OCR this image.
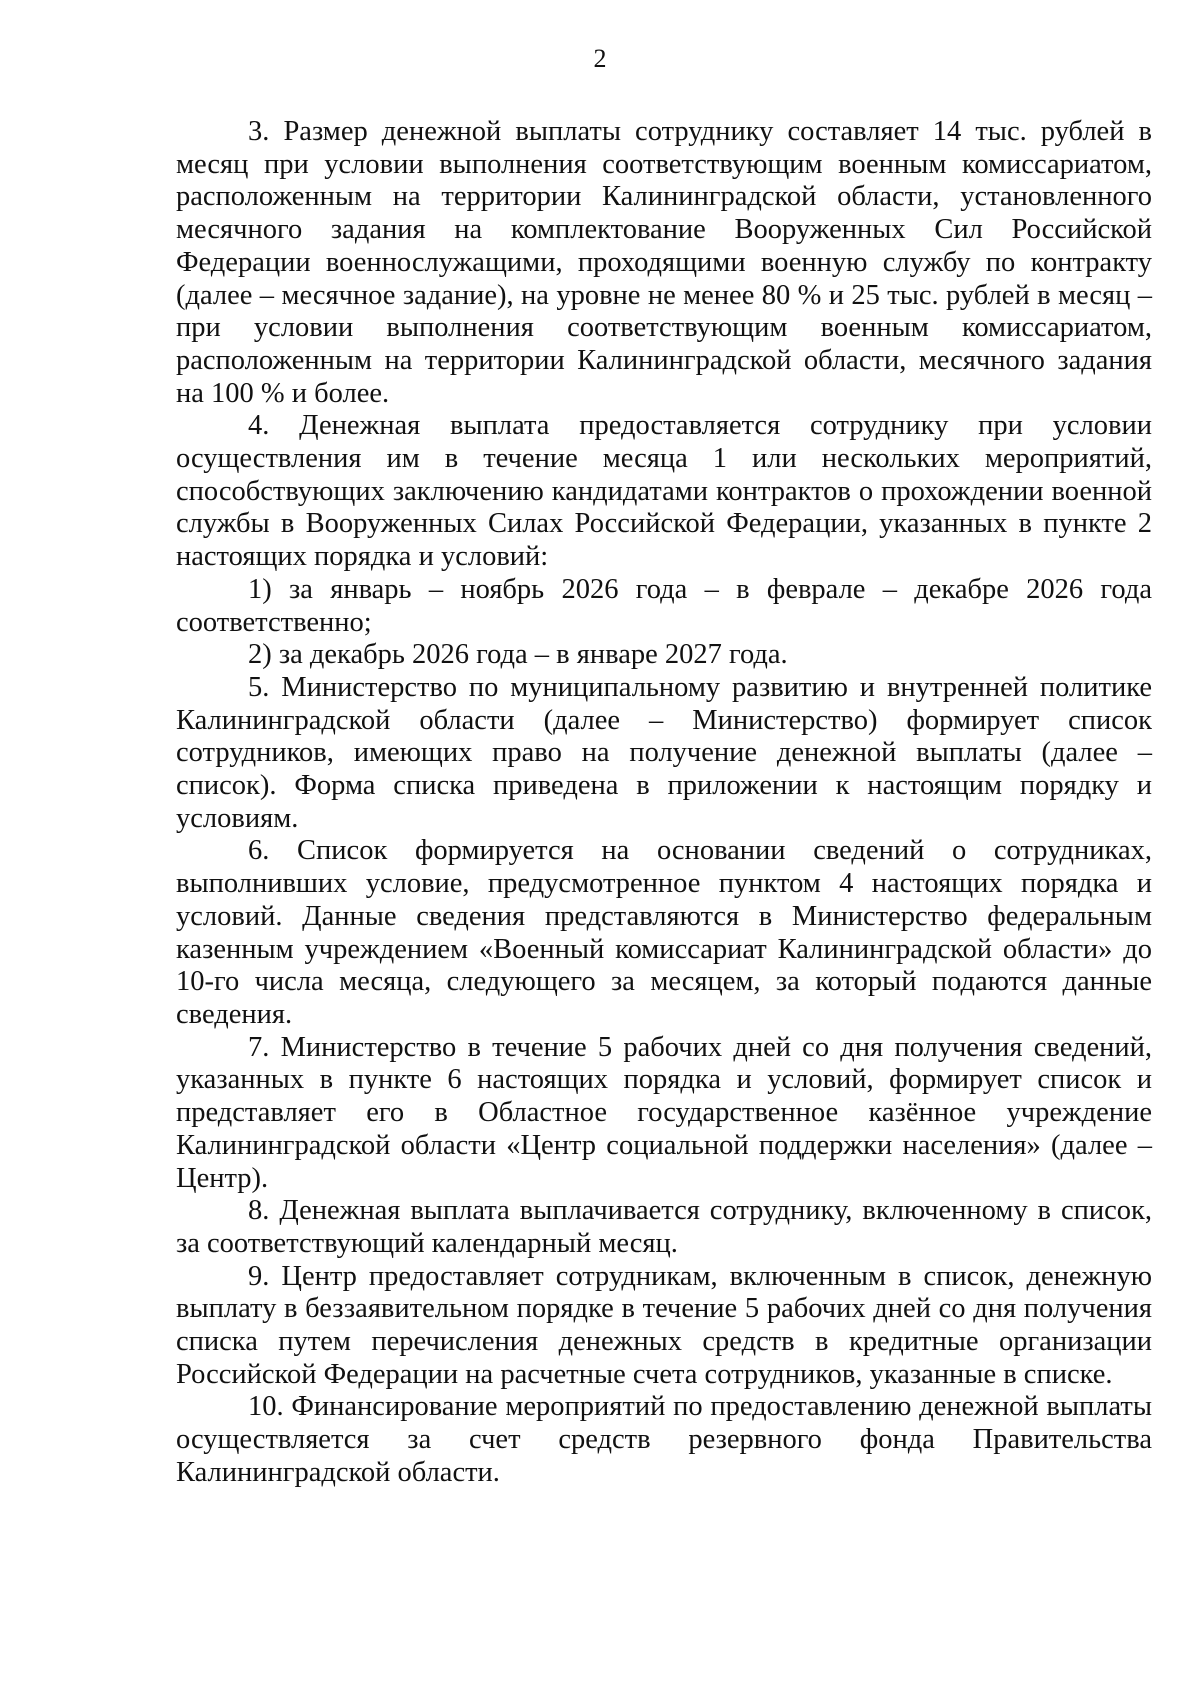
2

3. Размер денежной выплаты сотруднику составляет 14 тыс. рублей в месяц при условии выполнения соответствующим военным комиссариатом, расположенным на территории Калининградской области, установленного месячного задания на комплектование Вооруженных Сил Российской Федерации военнослужащими, проходящими военную службу по контракту (далее – месячное задание), на уровне не менее 80 % и 25 тыс. рублей в месяц – при условии выполнения соответствующим военным комиссариатом, расположенным на территории Калининградской области, месячного задания на 100 % и более.

4. Денежная выплата предоставляется сотруднику при условии осуществления им в течение месяца 1 или нескольких мероприятий, способствующих заключению кандидатами контрактов о прохождении военной службы в Вооруженных Силах Российской Федерации, указанных в пункте 2 настоящих порядка и условий:

1) за январь – ноябрь 2026 года – в феврале – декабре 2026 года соответственно;

2) за декабрь 2026 года – в январе 2027 года.

5. Министерство по муниципальному развитию и внутренней политике Калининградской области (далее – Министерство) формирует список сотрудников, имеющих право на получение денежной выплаты (далее – список). Форма списка приведена в приложении к настоящим порядку и условиям.

6. Список формируется на основании сведений о сотрудниках, выполнивших условие, предусмотренное пунктом 4 настоящих порядка и условий. Данные сведения представляются в Министерство федеральным казенным учреждением «Военный комиссариат Калининградской области» до 10-го числа месяца, следующего за месяцем, за который подаются данные сведения.

7. Министерство в течение 5 рабочих дней со дня получения сведений, указанных в пункте 6 настоящих порядка и условий, формирует список и представляет его в Областное государственное казённое учреждение Калининградской области «Центр социальной поддержки населения» (далее – Центр).

8. Денежная выплата выплачивается сотруднику, включенному в список, за соответствующий календарный месяц.

9. Центр предоставляет сотрудникам, включенным в список, денежную выплату в беззаявительном порядке в течение 5 рабочих дней со дня получения списка путем перечисления денежных средств в кредитные организации Российской Федерации на расчетные счета сотрудников, указанные в списке.

10. Финансирование мероприятий по предоставлению денежной выплаты осуществляется за счет средств резервного фонда Правительства Калининградской области.
